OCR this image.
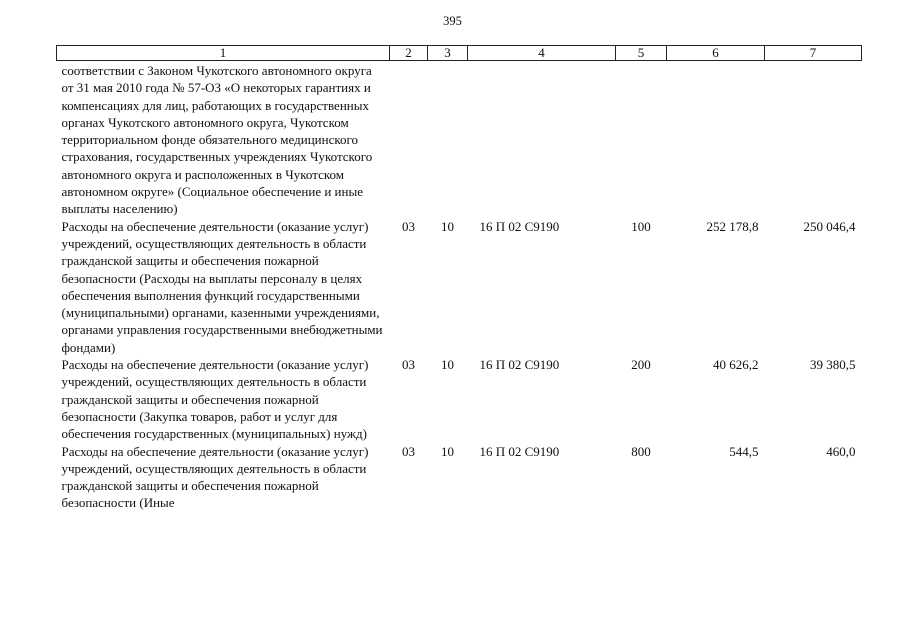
395
1	2	3	4	5	6	7
соответствии с Законом Чукотского автономного округа от 31 мая 2010 года № 57-ОЗ «О некоторых гарантиях и компенсациях для лиц, работающих в государственных органах Чукотского автономного округа, Чукотском территориальном фонде обязательного медицинского страхования, государственных учреждениях Чукотского автономного округа и расположенных в Чукотском автономном округе» (Социальное обеспечение и иные выплаты населению)						
Расходы на обеспечение деятельности (оказание услуг) учреждений, осуществляющих деятельность в области гражданской защиты и обеспечения пожарной безопасности (Расходы на выплаты персоналу в целях обеспечения выполнения функций государственными (муниципальными) органами, казенными учреждениями, органами управления государственными внебюджетными фондами)	03	10	16 П 02 С9190	100	252 178,8	250 046,4
Расходы на обеспечение деятельности (оказание услуг) учреждений, осуществляющих деятельность в области гражданской защиты и обеспечения пожарной безопасности (Закупка товаров, работ и услуг для обеспечения государственных (муниципальных) нужд)	03	10	16 П 02 С9190	200	40 626,2	39 380,5
Расходы на обеспечение деятельности (оказание услуг) учреждений, осуществляющих деятельность в области гражданской защиты и обеспечения пожарной безопасности (Иные	03	10	16 П 02 С9190	800	544,5	460,0
